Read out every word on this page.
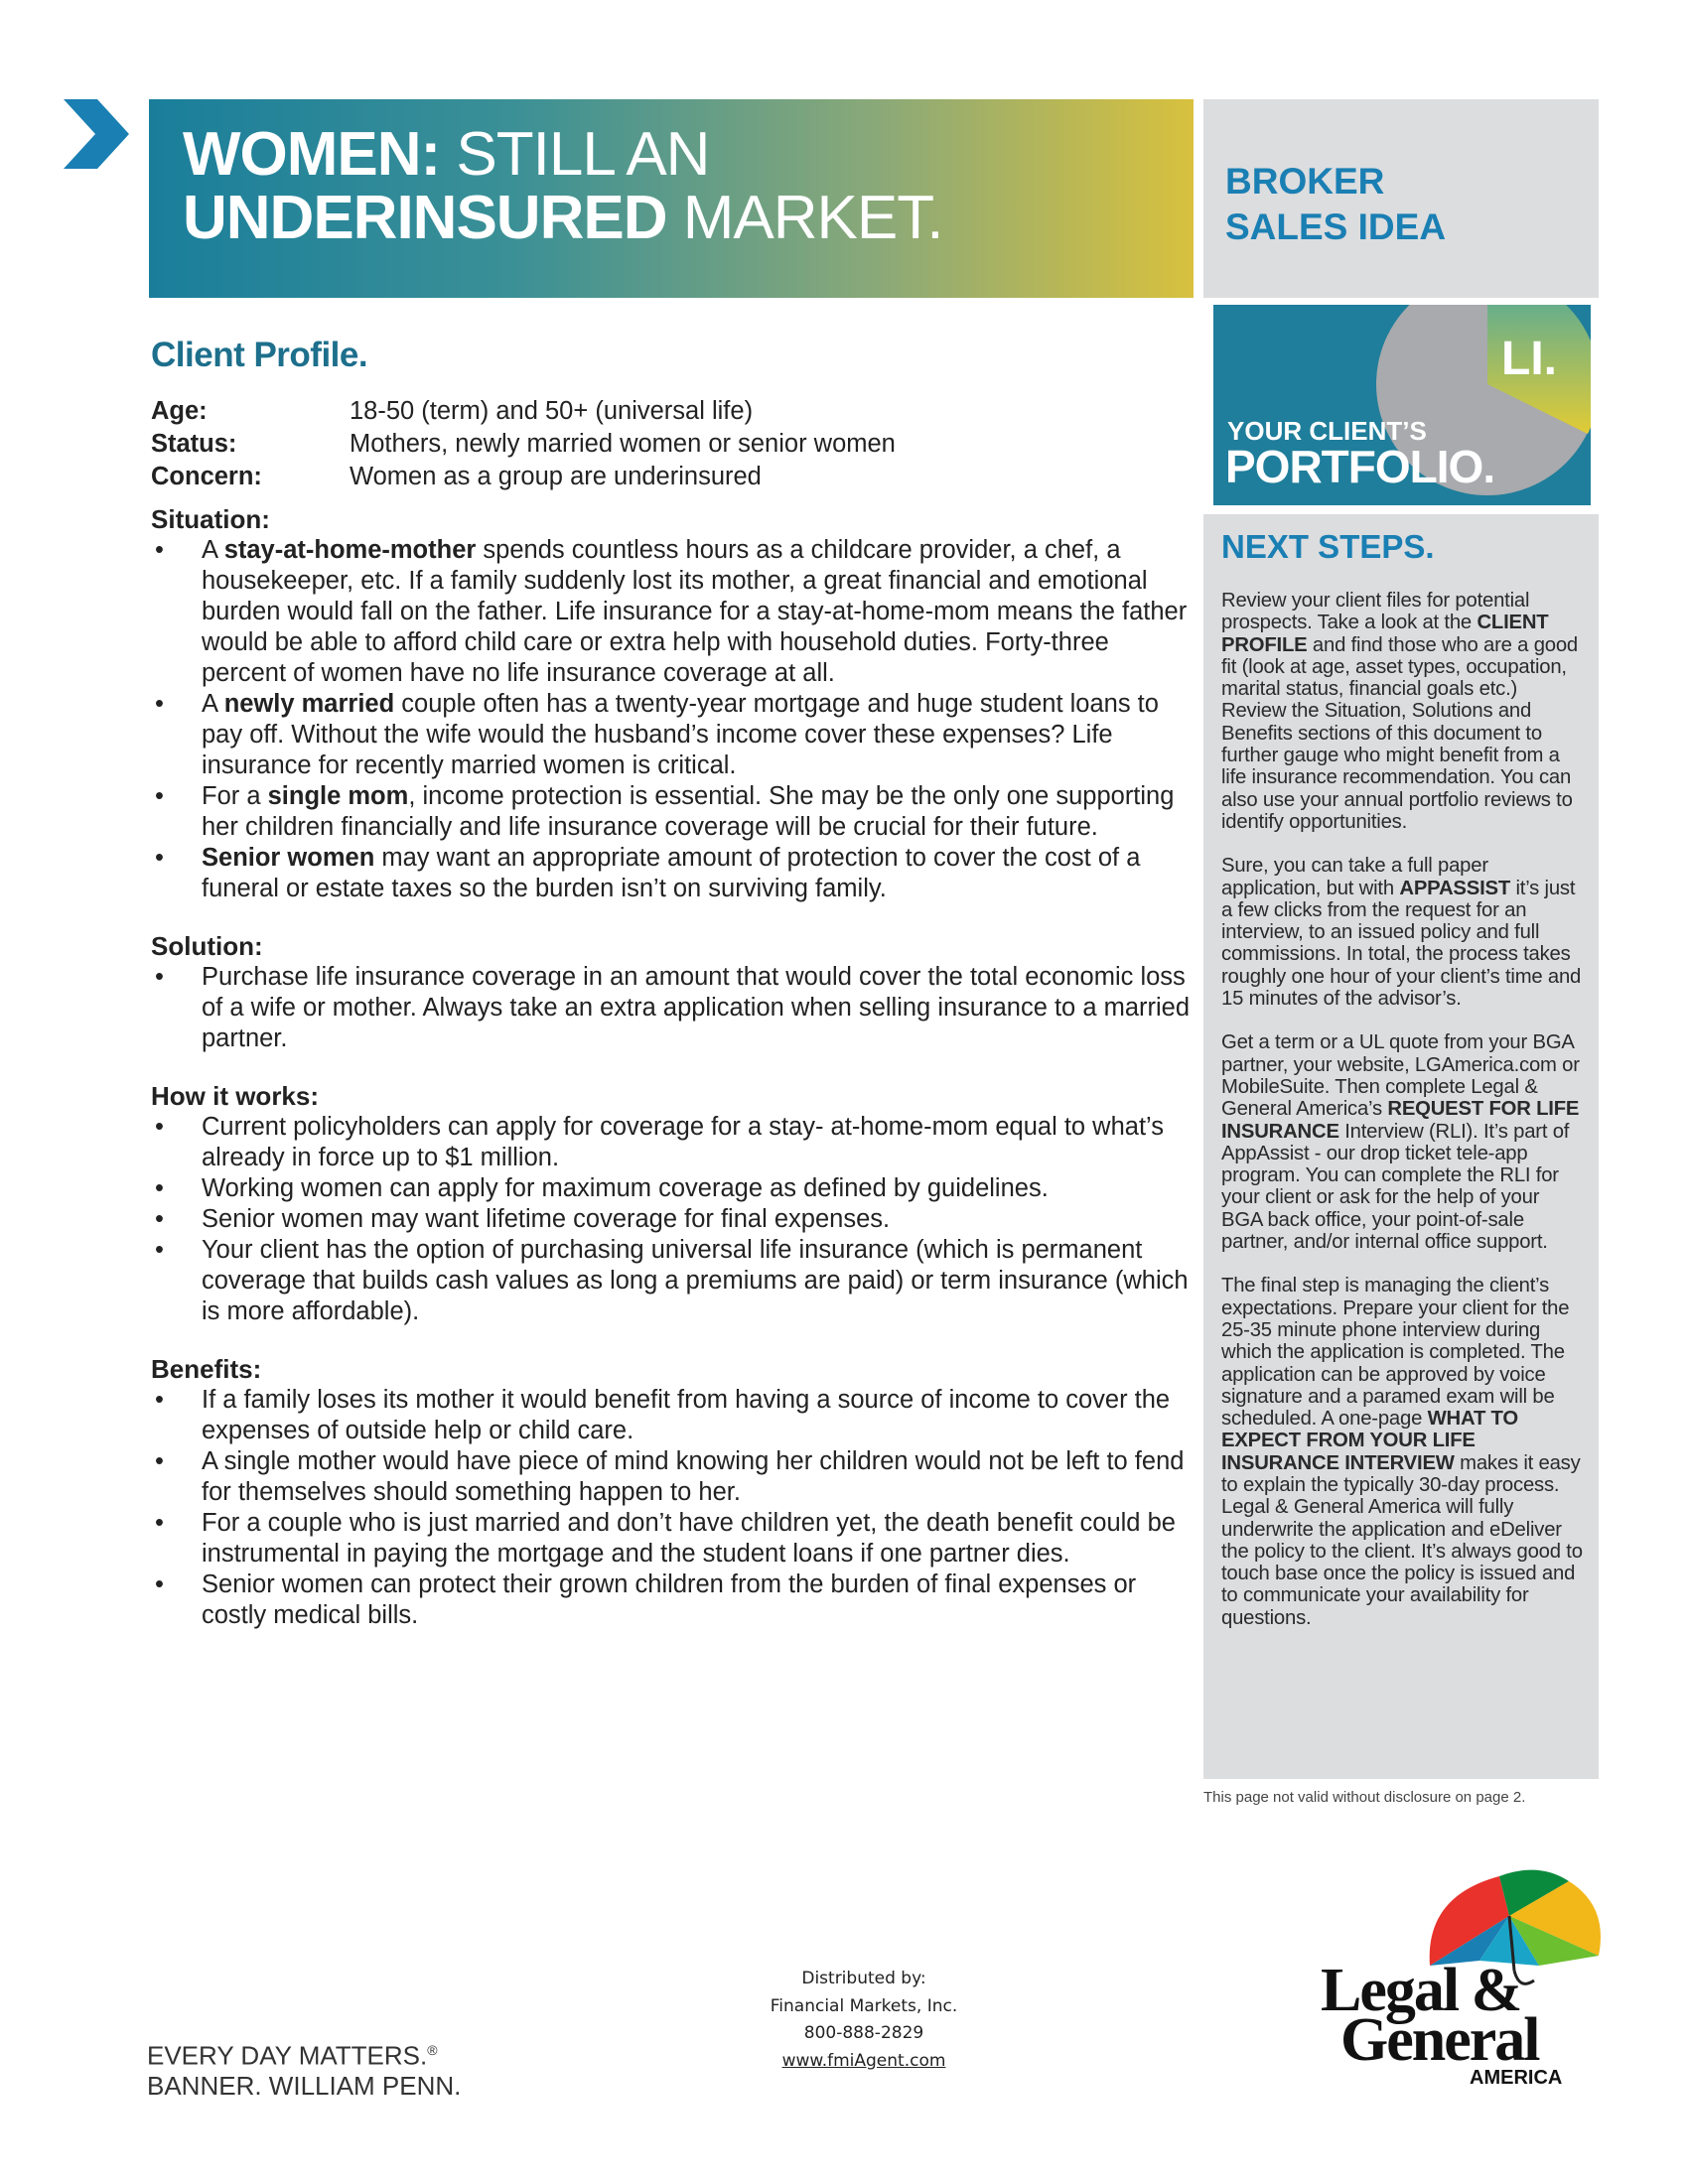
WOMEN: STILL AN
UNDERINSURED MARKET.
BROKER
SALES IDEA
LI.
YOUR CLIENT’S
PORTFOLIO.
NEXT STEPS.

Review your client files for potential prospects. Take a look at the CLIENT PROFILE and find those who are a good fit (look at age, asset types, occupation, marital status, financial goals etc.) Review the Situation, Solutions and Benefits sections of this document to further gauge who might benefit from a life insurance recommendation. You can also use your annual portfolio reviews to identify opportunities.

Sure, you can take a full paper application, but with APPASSIST it’s just a few clicks from the request for an interview, to an issued policy and full commissions. In total, the process takes roughly one hour of your client’s time and 15 minutes of the advisor’s.

Get a term or a UL quote from your BGA partner, your website, LGAmerica.com or MobileSuite. Then complete Legal & General America’s REQUEST FOR LIFE INSURANCE Interview (RLI). It’s part of AppAssist - our drop ticket tele-app program. You can complete the RLI for your client or ask for the help of your BGA back office, your point-of-sale partner, and/or internal office support.

The final step is managing the client’s expectations. Prepare your client for the 25-35 minute phone interview during which the application is completed. The application can be approved by voice signature and a paramed exam will be scheduled. A one-page WHAT TO EXPECT FROM YOUR LIFE INSURANCE INTERVIEW makes it easy to explain the typically 30-day process. Legal & General America will fully underwrite the application and eDeliver the policy to the client. It’s always good to touch base once the policy is issued and to communicate your availability for questions.

This page not valid without disclosure on page 2.
Client Profile.
Age:	18-50 (term) and 50+ (universal life)
Status:	Mothers, newly married women or senior women
Concern:	Women as a group are underinsured
Situation:
• A stay-at-home-mother spends countless hours as a childcare provider, a chef, a housekeeper, etc. If a family suddenly lost its mother, a great financial and emotional burden would fall on the father. Life insurance for a stay-at-home-mom means the father would be able to afford child care or extra help with household duties. Forty-three percent of women have no life insurance coverage at all.
• A newly married couple often has a twenty-year mortgage and huge student loans to pay off. Without the wife would the husband’s income cover these expenses? Life insurance for recently married women is critical.
• For a single mom, income protection is essential. She may be the only one supporting her children financially and life insurance coverage will be crucial for their future.
• Senior women may want an appropriate amount of protection to cover the cost of a funeral or estate taxes so the burden isn’t on surviving family.
Solution:
• Purchase life insurance coverage in an amount that would cover the total economic loss of a wife or mother. Always take an extra application when selling insurance to a married partner.
How it works:
• Current policyholders can apply for coverage for a stay- at-home-mom equal to what’s already in force up to $1 million.
• Working women can apply for maximum coverage as defined by guidelines.
• Senior women may want lifetime coverage for final expenses.
• Your client has the option of purchasing universal life insurance (which is permanent coverage that builds cash values as long a premiums are paid) or term insurance (which is more affordable).
Benefits:
• If a family loses its mother it would benefit from having a source of income to cover the expenses of outside help or child care.
• A single mother would have piece of mind knowing her children would not be left to fend for themselves should something happen to her.
• For a couple who is just married and don’t have children yet, the death benefit could be instrumental in paying the mortgage and the student loans if one partner dies.
• Senior women can protect their grown children from the burden of final expenses or costly medical bills.
Distributed by:
Financial Markets, Inc.
800-888-2829
www.fmiAgent.com
EVERY DAY MATTERS.®
BANNER. WILLIAM PENN.
Legal &
General
AMERICA
